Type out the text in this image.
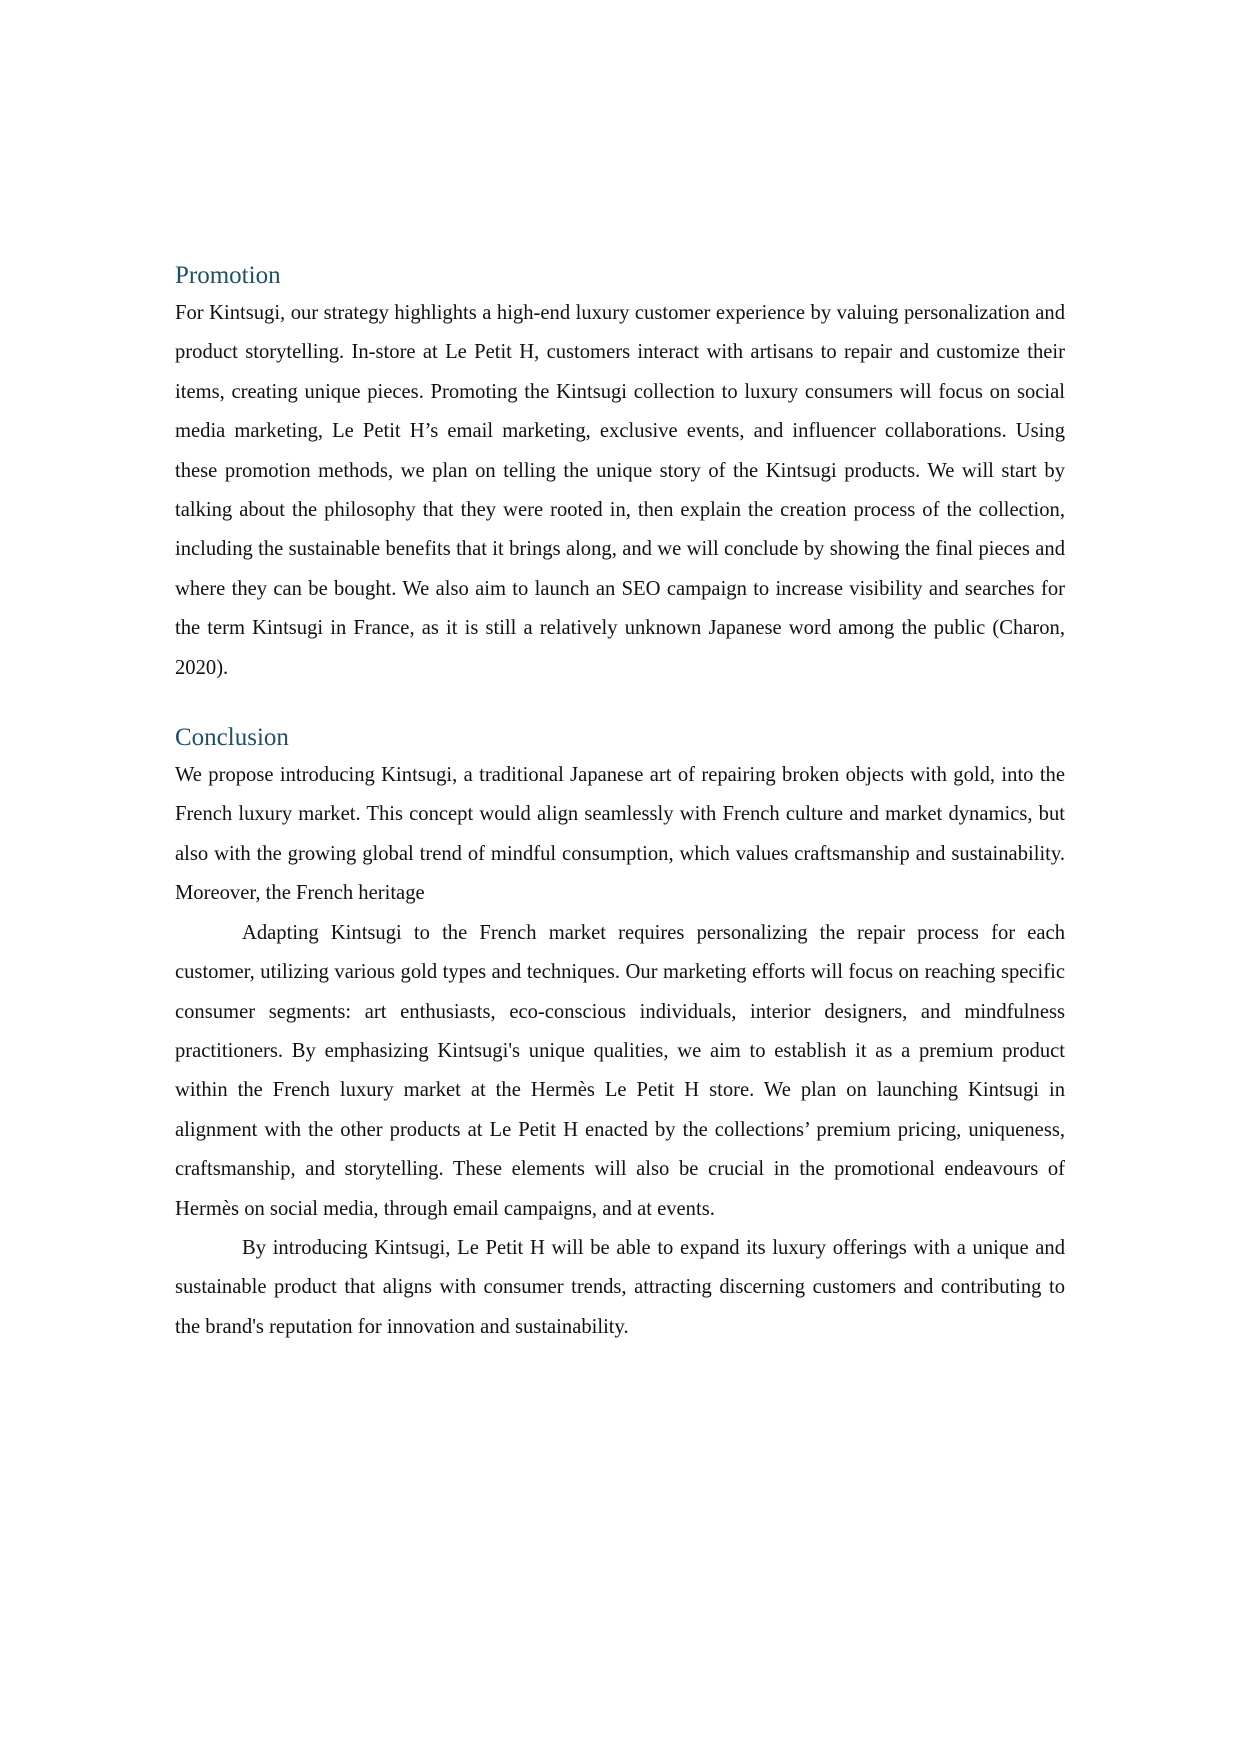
Promotion

For Kintsugi, our strategy highlights a high-end luxury customer experience by valuing personalization and product storytelling. In-store at Le Petit H, customers interact with artisans to repair and customize their items, creating unique pieces. Promoting the Kintsugi collection to luxury consumers will focus on social media marketing, Le Petit H’s email marketing, exclusive events, and influencer collaborations. Using these promotion methods, we plan on telling the unique story of the Kintsugi products. We will start by talking about the philosophy that they were rooted in, then explain the creation process of the collection, including the sustainable benefits that it brings along, and we will conclude by showing the final pieces and where they can be bought. We also aim to launch an SEO campaign to increase visibility and searches for the term Kintsugi in France, as it is still a relatively unknown Japanese word among the public (Charon, 2020).

Conclusion

We propose introducing Kintsugi, a traditional Japanese art of repairing broken objects with gold, into the French luxury market. This concept would align seamlessly with French culture and market dynamics, but also with the growing global trend of mindful consumption, which values craftsmanship and sustainability. Moreover, the French heritage

Adapting Kintsugi to the French market requires personalizing the repair process for each customer, utilizing various gold types and techniques. Our marketing efforts will focus on reaching specific consumer segments: art enthusiasts, eco-conscious individuals, interior designers, and mindfulness practitioners. By emphasizing Kintsugi's unique qualities, we aim to establish it as a premium product within the French luxury market at the Hermès Le Petit H store. We plan on launching Kintsugi in alignment with the other products at Le Petit H enacted by the collections’ premium pricing, uniqueness, craftsmanship, and storytelling. These elements will also be crucial in the promotional endeavours of Hermès on social media, through email campaigns, and at events.

By introducing Kintsugi, Le Petit H will be able to expand its luxury offerings with a unique and sustainable product that aligns with consumer trends, attracting discerning customers and contributing to the brand's reputation for innovation and sustainability.
